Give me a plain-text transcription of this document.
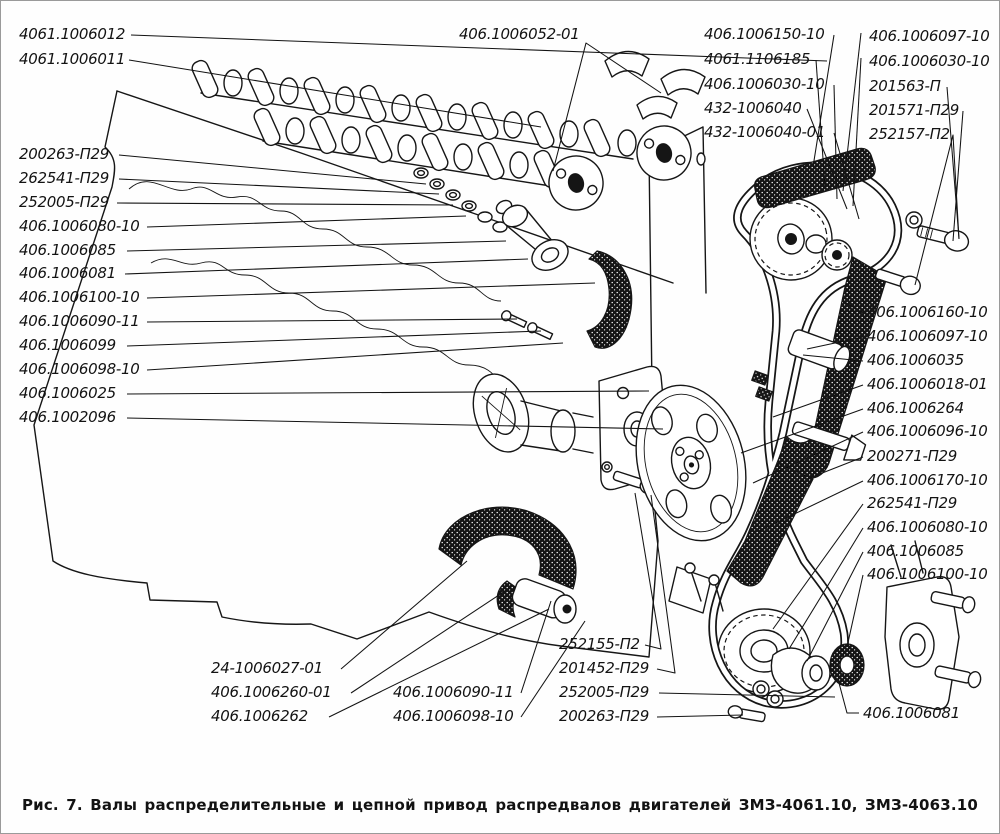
4061.1006012
4061.1006011
200263-П29
262541-П29
252005-П29
406.1006080-10
406.1006085
406.1006081
406.1006100-10
406.1006090-11
406.1006099
406.1006098-10
406.1006025
406.1002096
406.1006052-01	406.1006150-10
4061.1106185
406.1006030-10
432-1006040
432-1006040-01
406.1006097-10
406.1006030-10
201563-П
201571-П29
252157-П2
406.1006160-10
406.1006097-10
406.1006035
406.1006018-01
406.1006264
406.1006096-10
200271-П29
406.1006170-10
262541-П29
406.1006080-10
406.1006085
406.1006100-10
406.1006081
24-1006027-01
406.1006260-01
406.1006262
406.1006090-11
406.1006098-10
252155-П2
201452-П29
252005-П29
200263-П29
Рис. 7. Валы распределительные и цепной привод распредвалов двигателей ЗМЗ-4061.10, ЗМЗ-4063.10
